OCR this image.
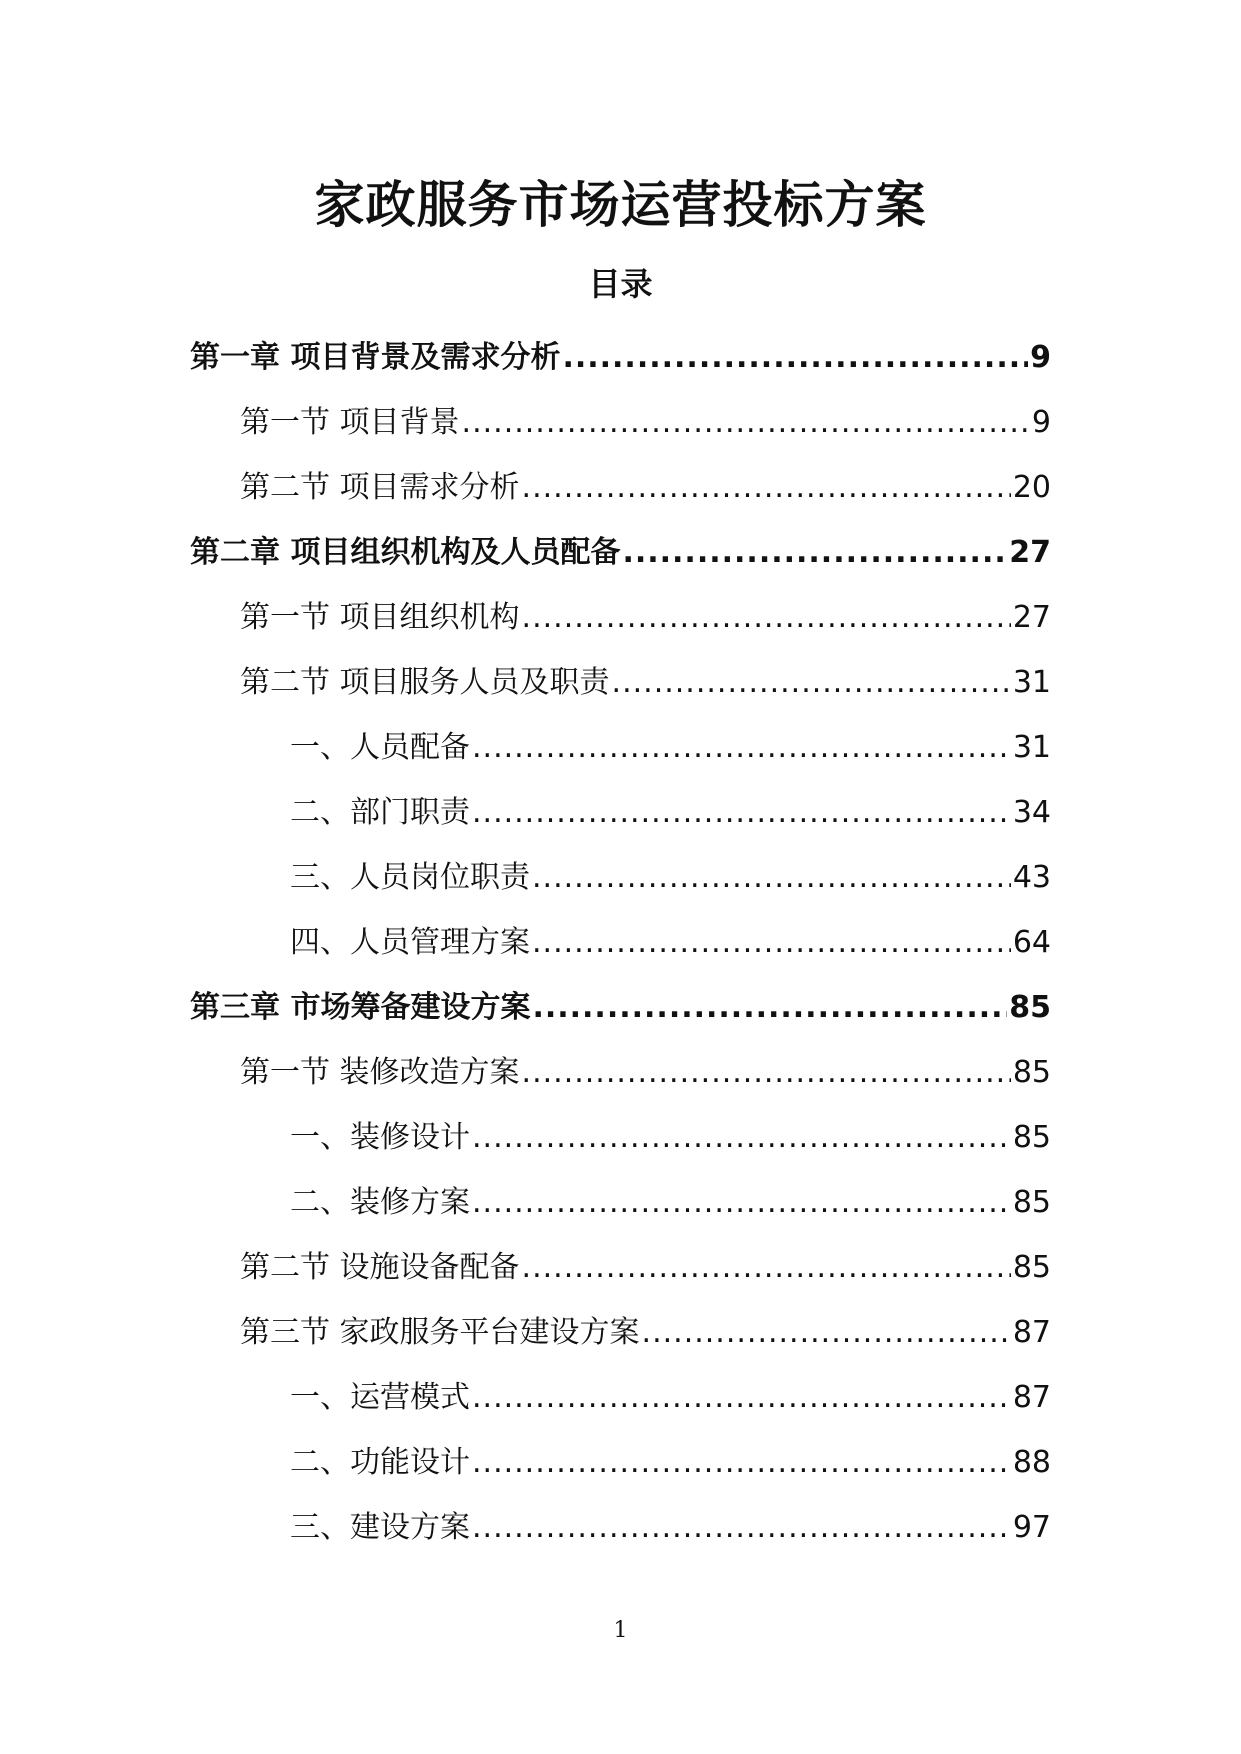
家政服务市场运营投标方案
目录
第一章 项目背景及需求分析 .....	9
第一节 项目背景 .....	9
第二节 项目需求分析 .....	20
第二章 项目组织机构及人员配备 .....	27
第一节 项目组织机构 .....	27
第二节 项目服务人员及职责 .....	31
一、人员配备 .....	31
二、部门职责 .....	34
三、人员岗位职责 .....	43
四、人员管理方案 .....	64
第三章 市场筹备建设方案 .....	85
第一节 装修改造方案 .....	85
一、装修设计 .....	85
二、装修方案 .....	85
第二节 设施设备配备 .....	85
第三节 家政服务平台建设方案 .....	87
一、运营模式 .....	87
二、功能设计 .....	88
三、建设方案 .....	97
1
